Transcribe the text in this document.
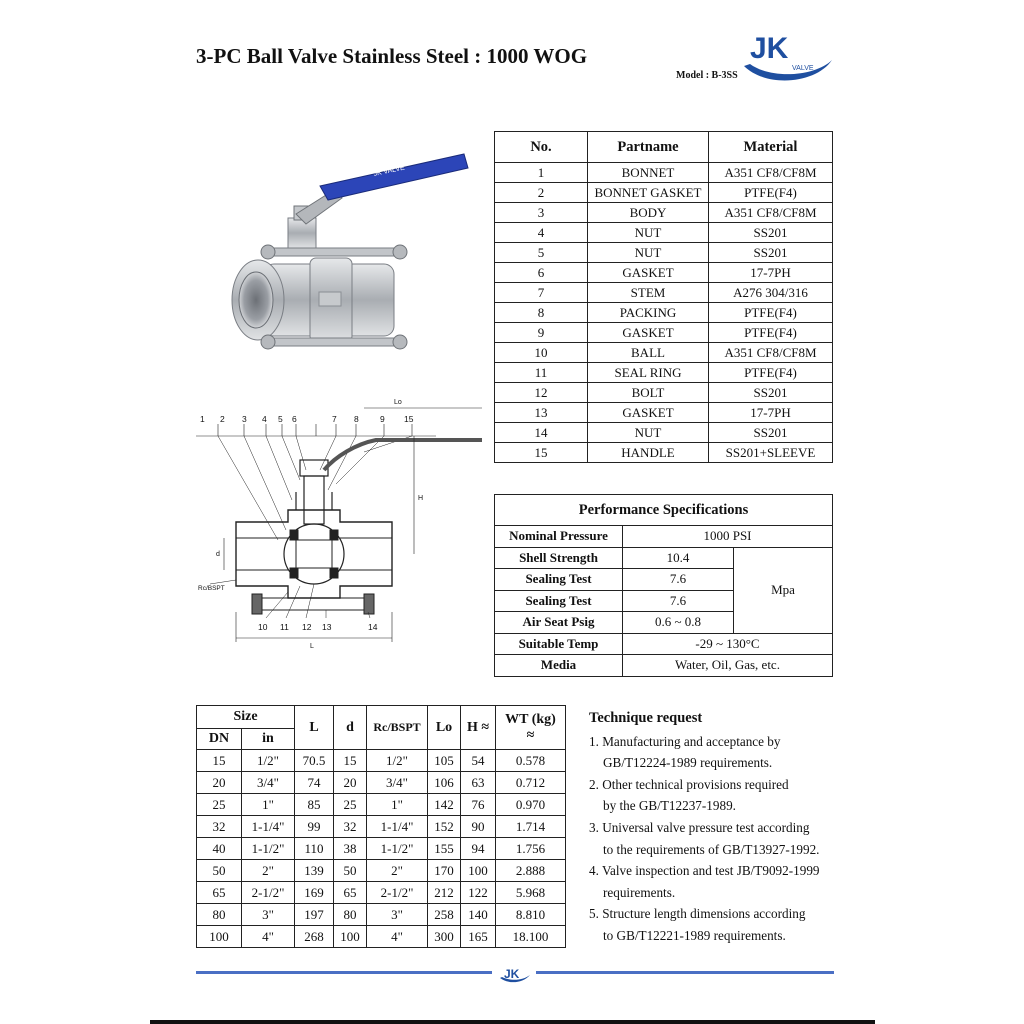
3-PC Ball Valve Stainless Steel : 1000 WOG	JK
VALVE
Model : B-3SS
JK VALVE
1 2 3 4 5 6	7 8	9 15
10 11 12 13	14
Lo
H
d
Rc/BSPT
L
No.	Partname	Material
1	BONNET	A351 CF8/CF8M
2	BONNET GASKET	PTFE(F4)
3	BODY	A351 CF8/CF8M
4	NUT	SS201
5	NUT	SS201
6	GASKET	17-7PH
7	STEM	A276 304/316
8	PACKING	PTFE(F4)
9	GASKET	PTFE(F4)
10	BALL	A351 CF8/CF8M
11	SEAL RING	PTFE(F4)
12	BOLT	SS201
13	GASKET	17-7PH
14	NUT	SS201
15	HANDLE	SS201+SLEEVE
Performance Specifications		
Nominal Pressure	1000 PSI	
Shell Strength	10.4	Mpa
Sealing Test	7.6	
Sealing Test	7.6	
Air Seat Psig	0.6 ~ 0.8	
Suitable Temp	-29 ~ 130°C	
Media	Water, Oil, Gas, etc.	
Size		L	d	Rc/BSPT	Lo	H ≈	WT (kg)
≈

DN	in						
15	1/2"	70.5	15	1/2"	105	54	0.578
20	3/4"	74	20	3/4"	106	63	0.712
25	1"	85	25	1"	142	76	0.970
32	1-1/4"	99	32	1-1/4"	152	90	1.714
40	1-1/2"	110	38	1-1/2"	155	94	1.756
50	2"	139	50	2"	170	100	2.888
65	2-1/2"	169	65	2-1/2"	212	122	5.968
80	3"	197	80	3"	258	140	8.810
100	4"	268	100	4"	300	165	18.100
Technique request
1. Manufacturing and acceptance by
GB/T12224-1989 requirements.
2. Other technical provisions required
by the GB/T12237-1989.
3. Universal valve pressure test according
to the requirements of GB/T13927-1992.
4. Valve inspection and test JB/T9092-1999
requirements.
5. Structure length dimensions according
to GB/T12221-1989 requirements.
JK
